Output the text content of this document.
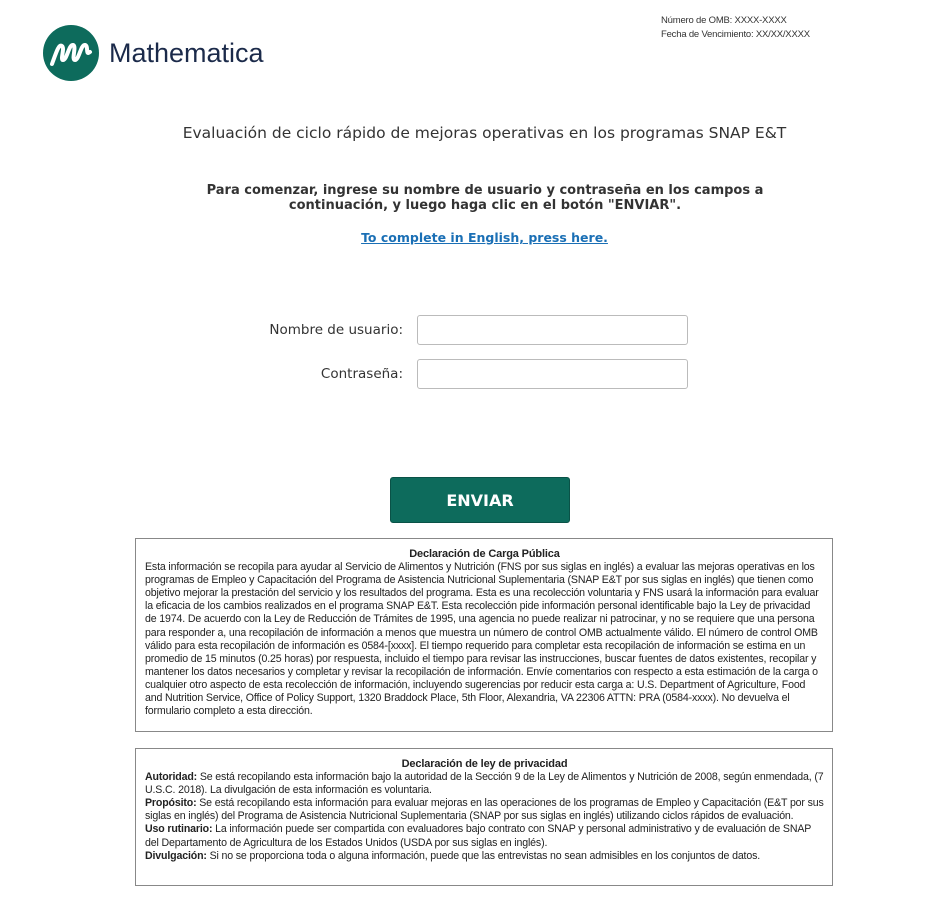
Mathematica
Número de OMB: XXXX-XXXX
Fecha de Vencimiento: XX/XX/XXXX
Evaluación de ciclo rápido de mejoras operativas en los programas SNAP E&T
Para comenzar, ingrese su nombre de usuario y contraseña en los campos a continuación, y luego haga clic en el botón "ENVIAR".
To complete in English, press here.
Nombre de usuario:
Contraseña:
ENVIAR
Declaración de Carga Pública

Esta información se recopila para ayudar al Servicio de Alimentos y Nutrición (FNS por sus siglas en inglés) a evaluar las mejoras operativas en los programas de Empleo y Capacitación del Programa de Asistencia Nutricional Suplementaria (SNAP E&T por sus siglas en inglés) que tienen como objetivo mejorar la prestación del servicio y los resultados del programa. Esta es una recolección voluntaria y FNS usará la información para evaluar la eficacia de los cambios realizados en el programa SNAP E&T. Esta recolección pide información personal identificable bajo la Ley de privacidad de 1974. De acuerdo con la Ley de Reducción de Trámites de 1995, una agencia no puede realizar ni patrocinar, y no se requiere que una persona para responder a, una recopilación de información a menos que muestra un número de control OMB actualmente válido. El número de control OMB válido para esta recopilación de información es 0584-[xxxx]. El tiempo requerido para completar esta recopilación de información se estima en un promedio de 15 minutos (0.25 horas) por respuesta, incluido el tiempo para revisar las instrucciones, buscar fuentes de datos existentes, recopilar y mantener los datos necesarios y completar y revisar la recopilación de información. Envíe comentarios con respecto a esta estimación de la carga o cualquier otro aspecto de esta recolección de información, incluyendo sugerencias por reducir esta carga a: U.S. Department of Agriculture, Food and Nutrition Service, Office of Policy Support, 1320 Braddock Place, 5th Floor, Alexandria, VA 22306 ATTN: PRA (0584-xxxx). No devuelva el formulario completo a esta dirección.

Declaración de ley de privacidad

Autoridad: Se está recopilando esta información bajo la autoridad de la Sección 9 de la Ley de Alimentos y Nutrición de 2008, según enmendada, (7 U.S.C. 2018). La divulgación de esta información es voluntaria.

Propósito: Se está recopilando esta información para evaluar mejoras en las operaciones de los programas de Empleo y Capacitación (E&T por sus siglas en inglés) del Programa de Asistencia Nutricional Suplementaria (SNAP por sus siglas en inglés) utilizando ciclos rápidos de evaluación.

Uso rutinario: La información puede ser compartida con evaluadores bajo contrato con SNAP y personal administrativo y de evaluación de SNAP del Departamento de Agricultura de los Estados Unidos (USDA por sus siglas en inglés).

Divulgación: Si no se proporciona toda o alguna información, puede que las entrevistas no sean admisibles en los conjuntos de datos.
